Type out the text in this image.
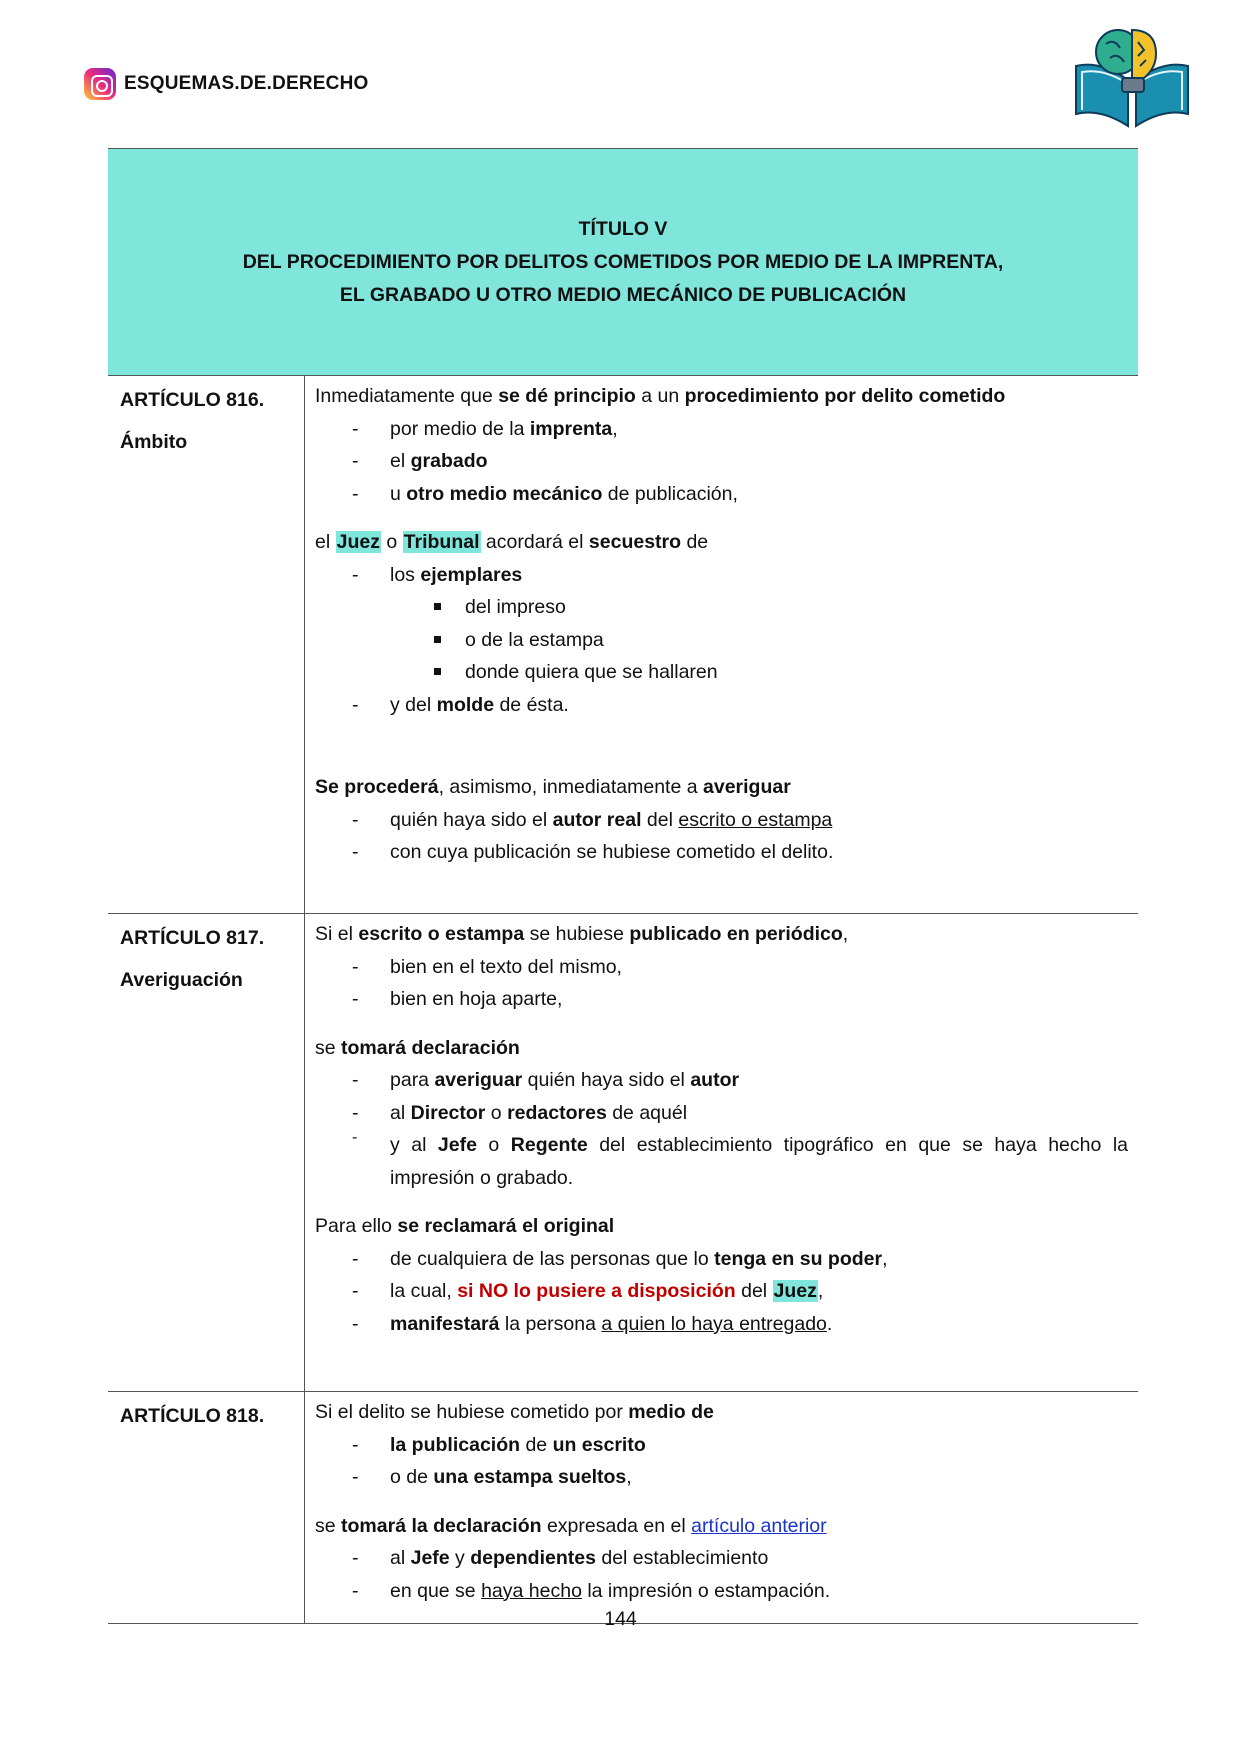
ESQUEMAS.DE.DERECHO
TÍTULO V
DEL PROCEDIMIENTO POR DELITOS COMETIDOS POR MEDIO DE LA IMPRENTA,
EL GRABADO U OTRO MEDIO MECÁNICO DE PUBLICACIÓN
ARTÍCULO 816.
Ámbito
Inmediatamente que se dé principio a un procedimiento por delito cometido
- por medio de la imprenta,
- el grabado
- u otro medio mecánico de publicación,
el Juez o Tribunal acordará el secuestro de
- los ejemplares
del impreso
o de la estampa
donde quiera que se hallaren
- y del molde de ésta.
Se procederá, asimismo, inmediatamente a averiguar
- quién haya sido el autor real del escrito o estampa
- con cuya publicación se hubiese cometido el delito.
ARTÍCULO 817.
Averiguación
Si el escrito o estampa se hubiese publicado en periódico,
- bien en el texto del mismo,
- bien en hoja aparte,
se tomará declaración
- para averiguar quién haya sido el autor
- al Director o redactores de aquél
- y al Jefe o Regente del establecimiento tipográfico en que se haya hecho la impresión o grabado.
Para ello se reclamará el original
- de cualquiera de las personas que lo tenga en su poder,
- la cual, si NO lo pusiere a disposición del Juez,
- manifestará la persona a quien lo haya entregado.
ARTÍCULO 818.	Si el delito se hubiese cometido por medio de
- la publicación de un escrito
- o de una estampa sueltos,
se tomará la declaración expresada en el artículo anterior
- al Jefe y dependientes del establecimiento
- en que se haya hecho la impresión o estampación.
144
